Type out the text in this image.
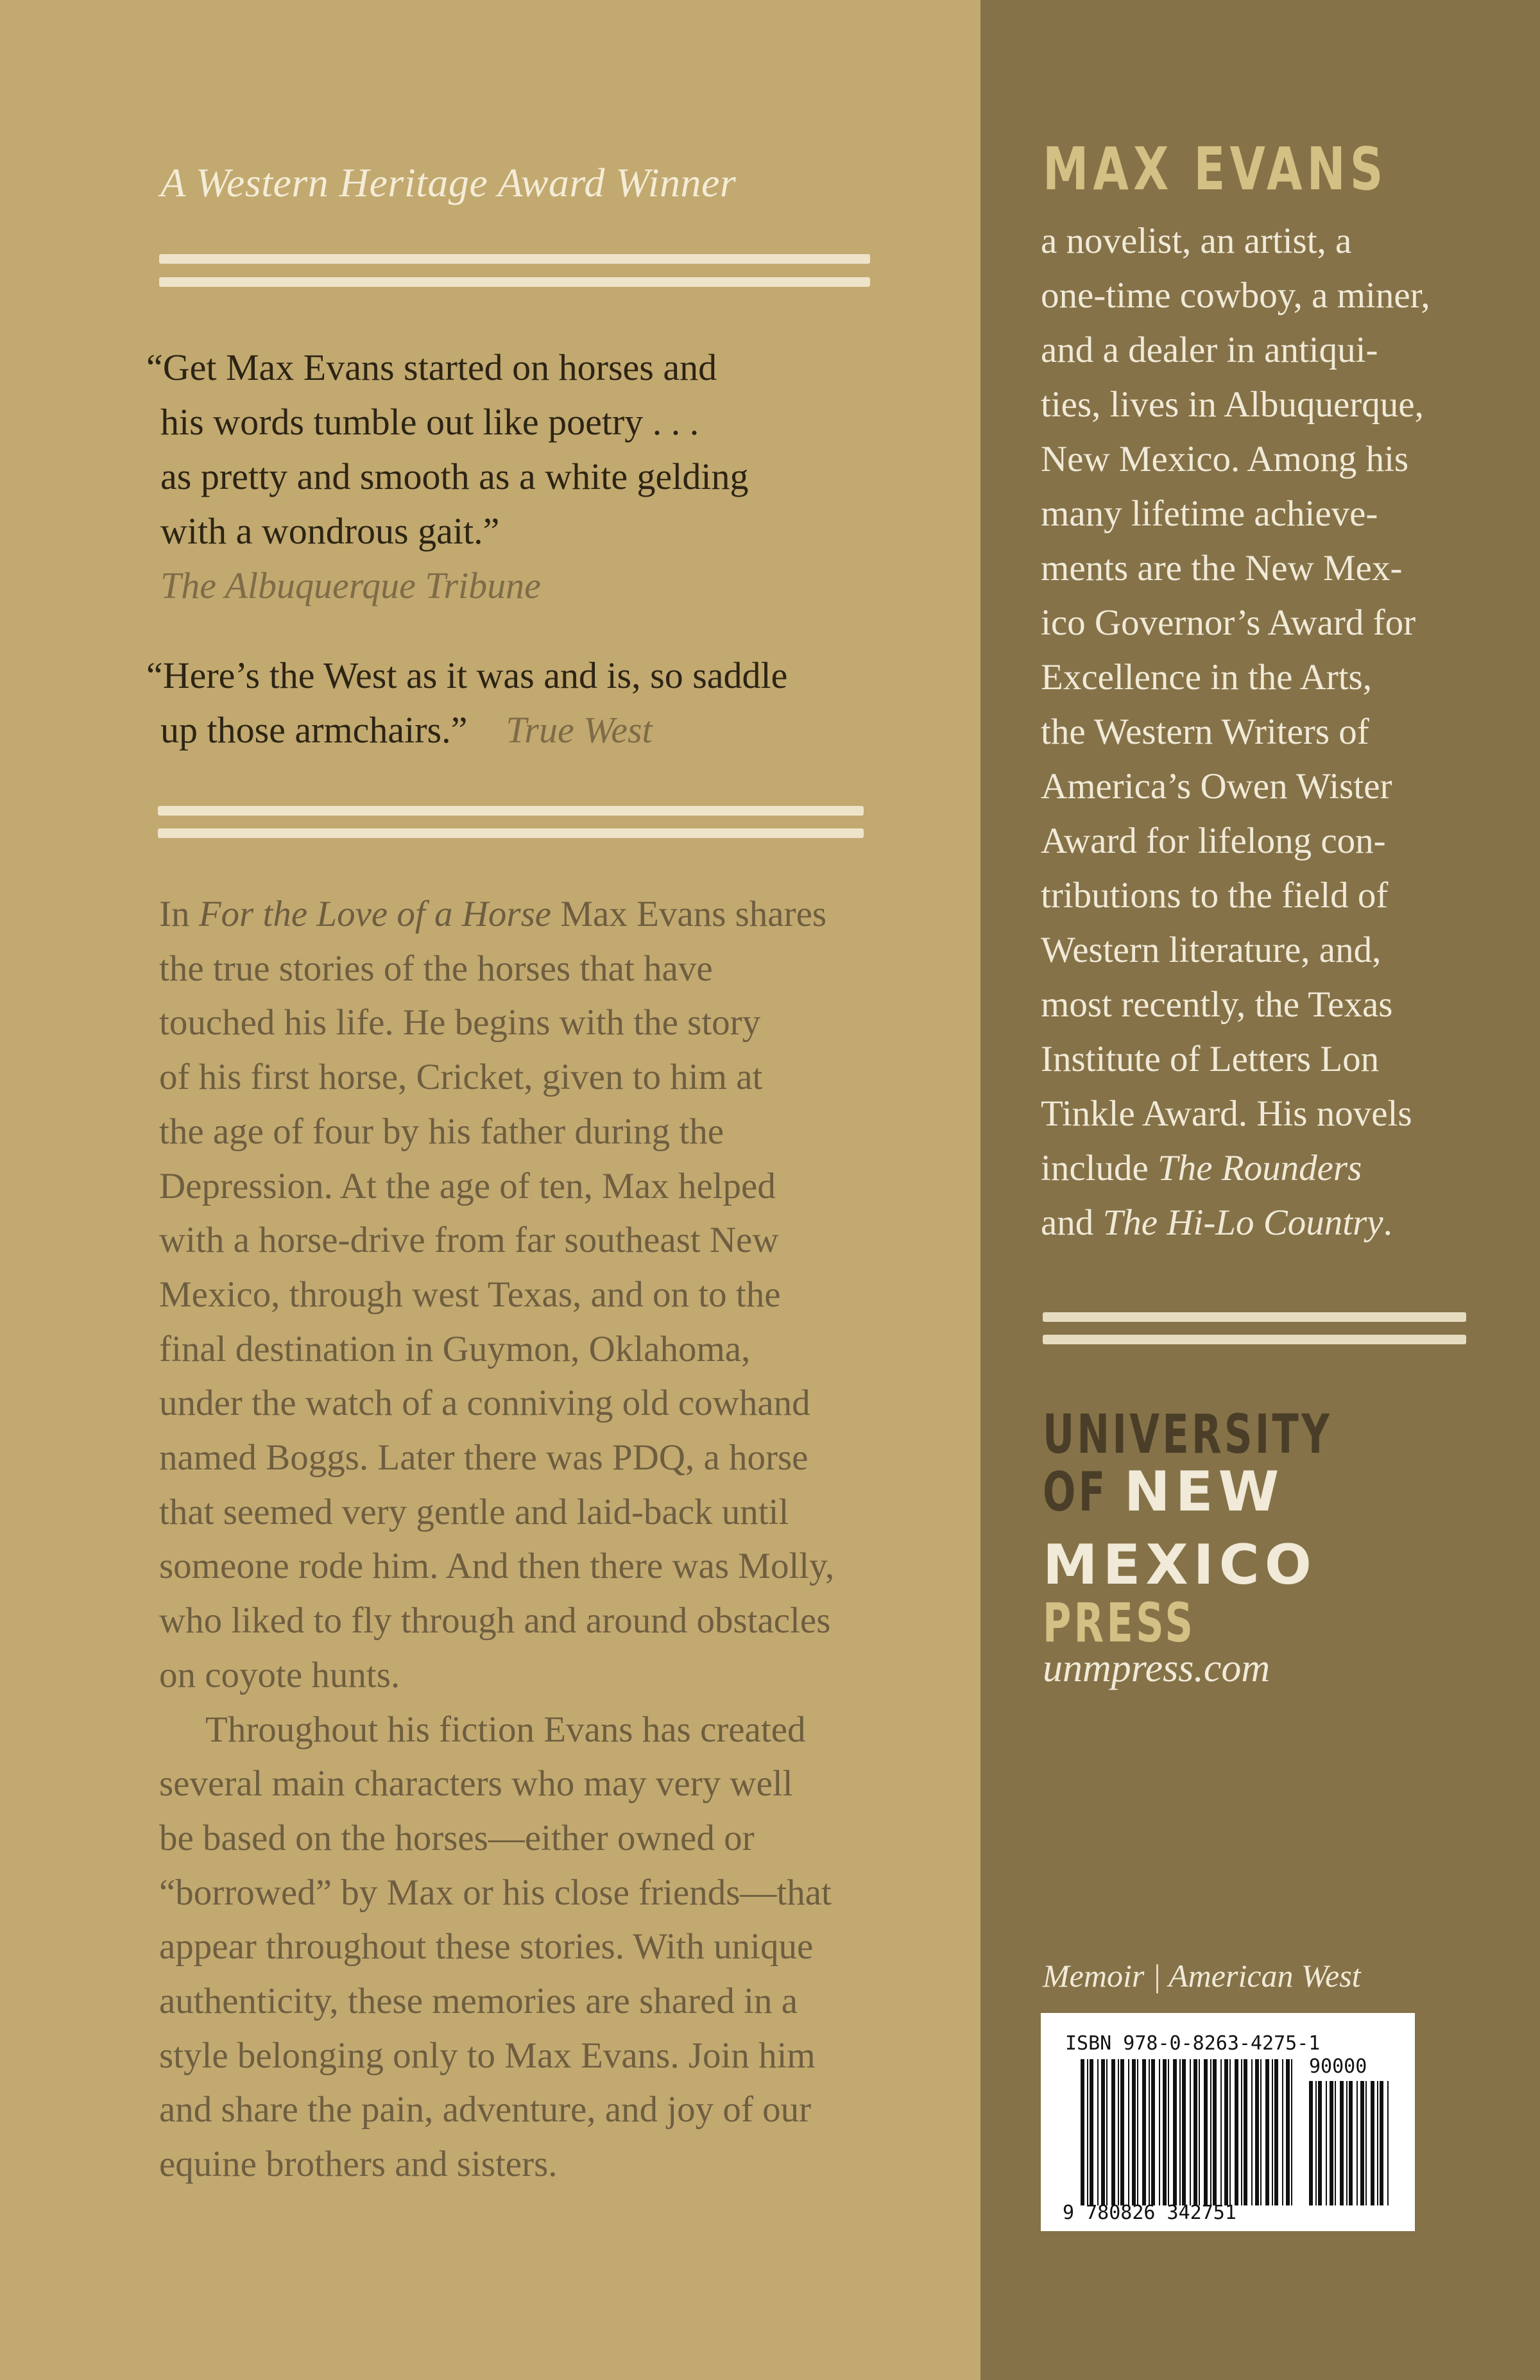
A Western Heritage Award Winner

“Get Max Evans started on horses and
his words tumble out like poetry . . .
as pretty and smooth as a white gelding
with a wondrous gait.”
The Albuquerque Tribune
“Here’s the West as it was and is, so saddle
up those armchairs.” True West

In For the Love of a Horse Max Evans shares
the true stories of the horses that have
touched his life. He begins with the story
of his first horse, Cricket, given to him at
the age of four by his father during the
Depression. At the age of ten, Max helped
with a horse-drive from far southeast New
Mexico, through west Texas, and on to the
final destination in Guymon, Oklahoma,
under the watch of a conniving old cowhand
named Boggs. Later there was PDQ, a horse
that seemed very gentle and laid-back until
someone rode him. And then there was Molly,
who liked to fly through and around obstacles
on coyote hunts.

Throughout his fiction Evans has created
several main characters who may very well
be based on the horses—either owned or
“borrowed” by Max or his close friends—that
appear throughout these stories. With unique
authenticity, these memories are shared in a
style belonging only to Max Evans. Join him
and share the pain, adventure, and joy of our
equine brothers and sisters.

MAX EVANS

a novelist, an artist, a
one-time cowboy, a miner,
and a dealer in antiqui-
ties, lives in Albuquerque,
New Mexico. Among his
many lifetime achieve-
ments are the New Mex-
ico Governor’s Award for
Excellence in the Arts,
the Western Writers of
America’s Owen Wister
Award for lifelong con-
tributions to the field of
Western literature, and,
most recently, the Texas
Institute of Letters Lon
Tinkle Award. His novels
include The Rounders
and The Hi-Lo Country.
UNIVERSITY
OF NEW
MEXICO
PRESS

unmpress.com

Memoir | American West

ISBN 978-0-8263-4275-1

90000

9 780826 342751
